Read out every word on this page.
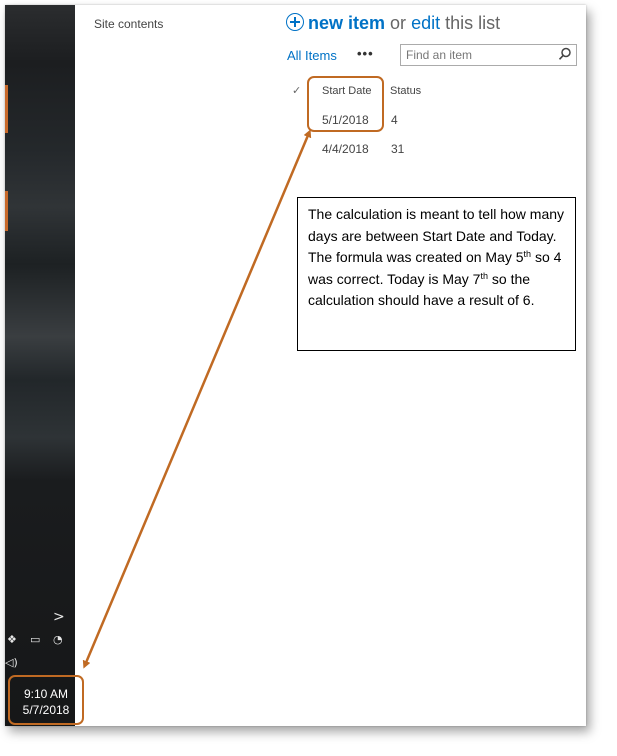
>
❖ ▭ ◔
◁)
9:10 AM
5/7/2018
Site contents	new item or edit this list
All Items •••
Find an item
✓ Start Date Status
5/1/2018 4
4/4/2018 31

The calculation is meant to tell how many days are between Start Date and Today. The formula was created on May 5th so 4 was correct. Today is May 7th so the calculation should have a result of 6.
